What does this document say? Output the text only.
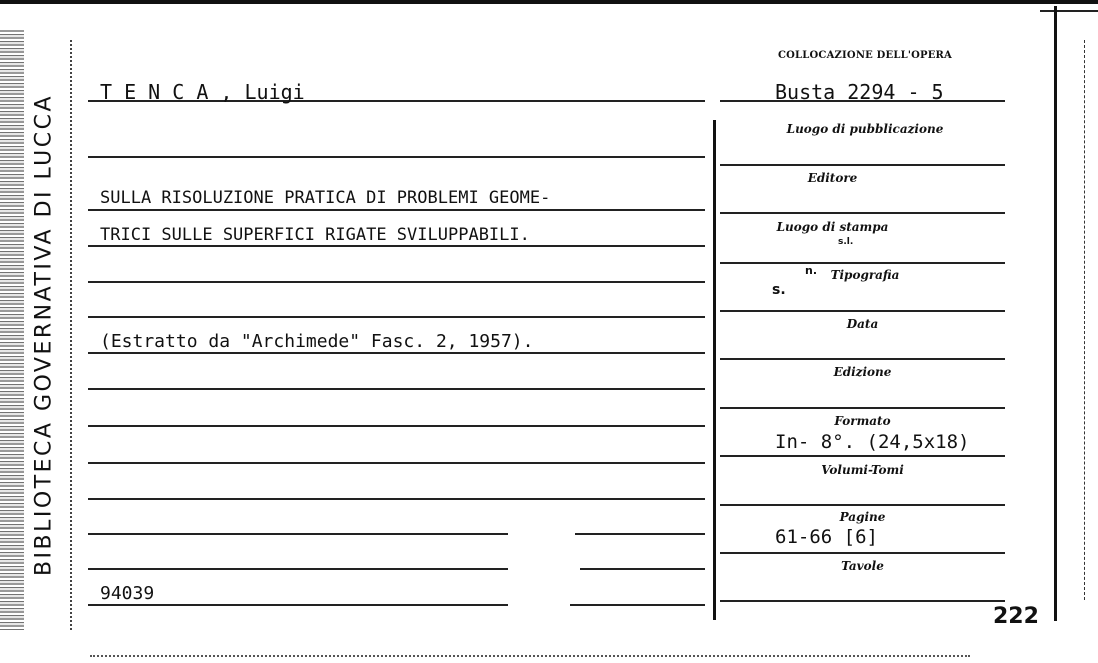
BIBLIOTECA GOVERNATIVA DI LUCCA
T E N C A , Luigi
SULLA RISOLUZIONE PRATICA DI PROBLEMI GEOME-
TRICI SULLE SUPERFICI RIGATE SVILUPPABILI.
(Estratto da "Archimede" Fasc. 2, 1957).
94039
COLLOCAZIONE DELL'OPERA
Busta 2294 - 5
Luogo di pubblicazione
Editore
Luogo di stampa
s.l.
Tipografia
s.
n.
Data
Edizione
Formato
In- 8°. (24,5x18)
Volumi-Tomi
Pagine
61-66 [6]
Tavole
222
